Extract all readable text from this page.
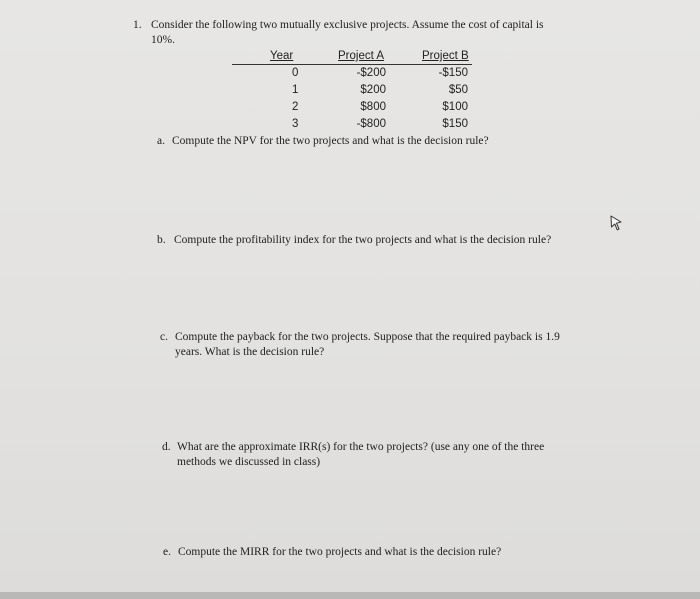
1. Consider the following two mutually exclusive projects. Assume the cost of capital is
10%.
Year	Project A	Project B
0	-$200	-$150
1	$200	$50
2	$800	$100
3	-$800	$150
a. Compute the NPV for the two projects and what is the decision rule?
b. Compute the profitability index for the two projects and what is the decision rule?
c. Compute the payback for the two projects. Suppose that the required payback is 1.9
years. What is the decision rule?
d. What are the approximate IRR(s) for the two projects? (use any one of the three
methods we discussed in class)
e. Compute the MIRR for the two projects and what is the decision rule?
